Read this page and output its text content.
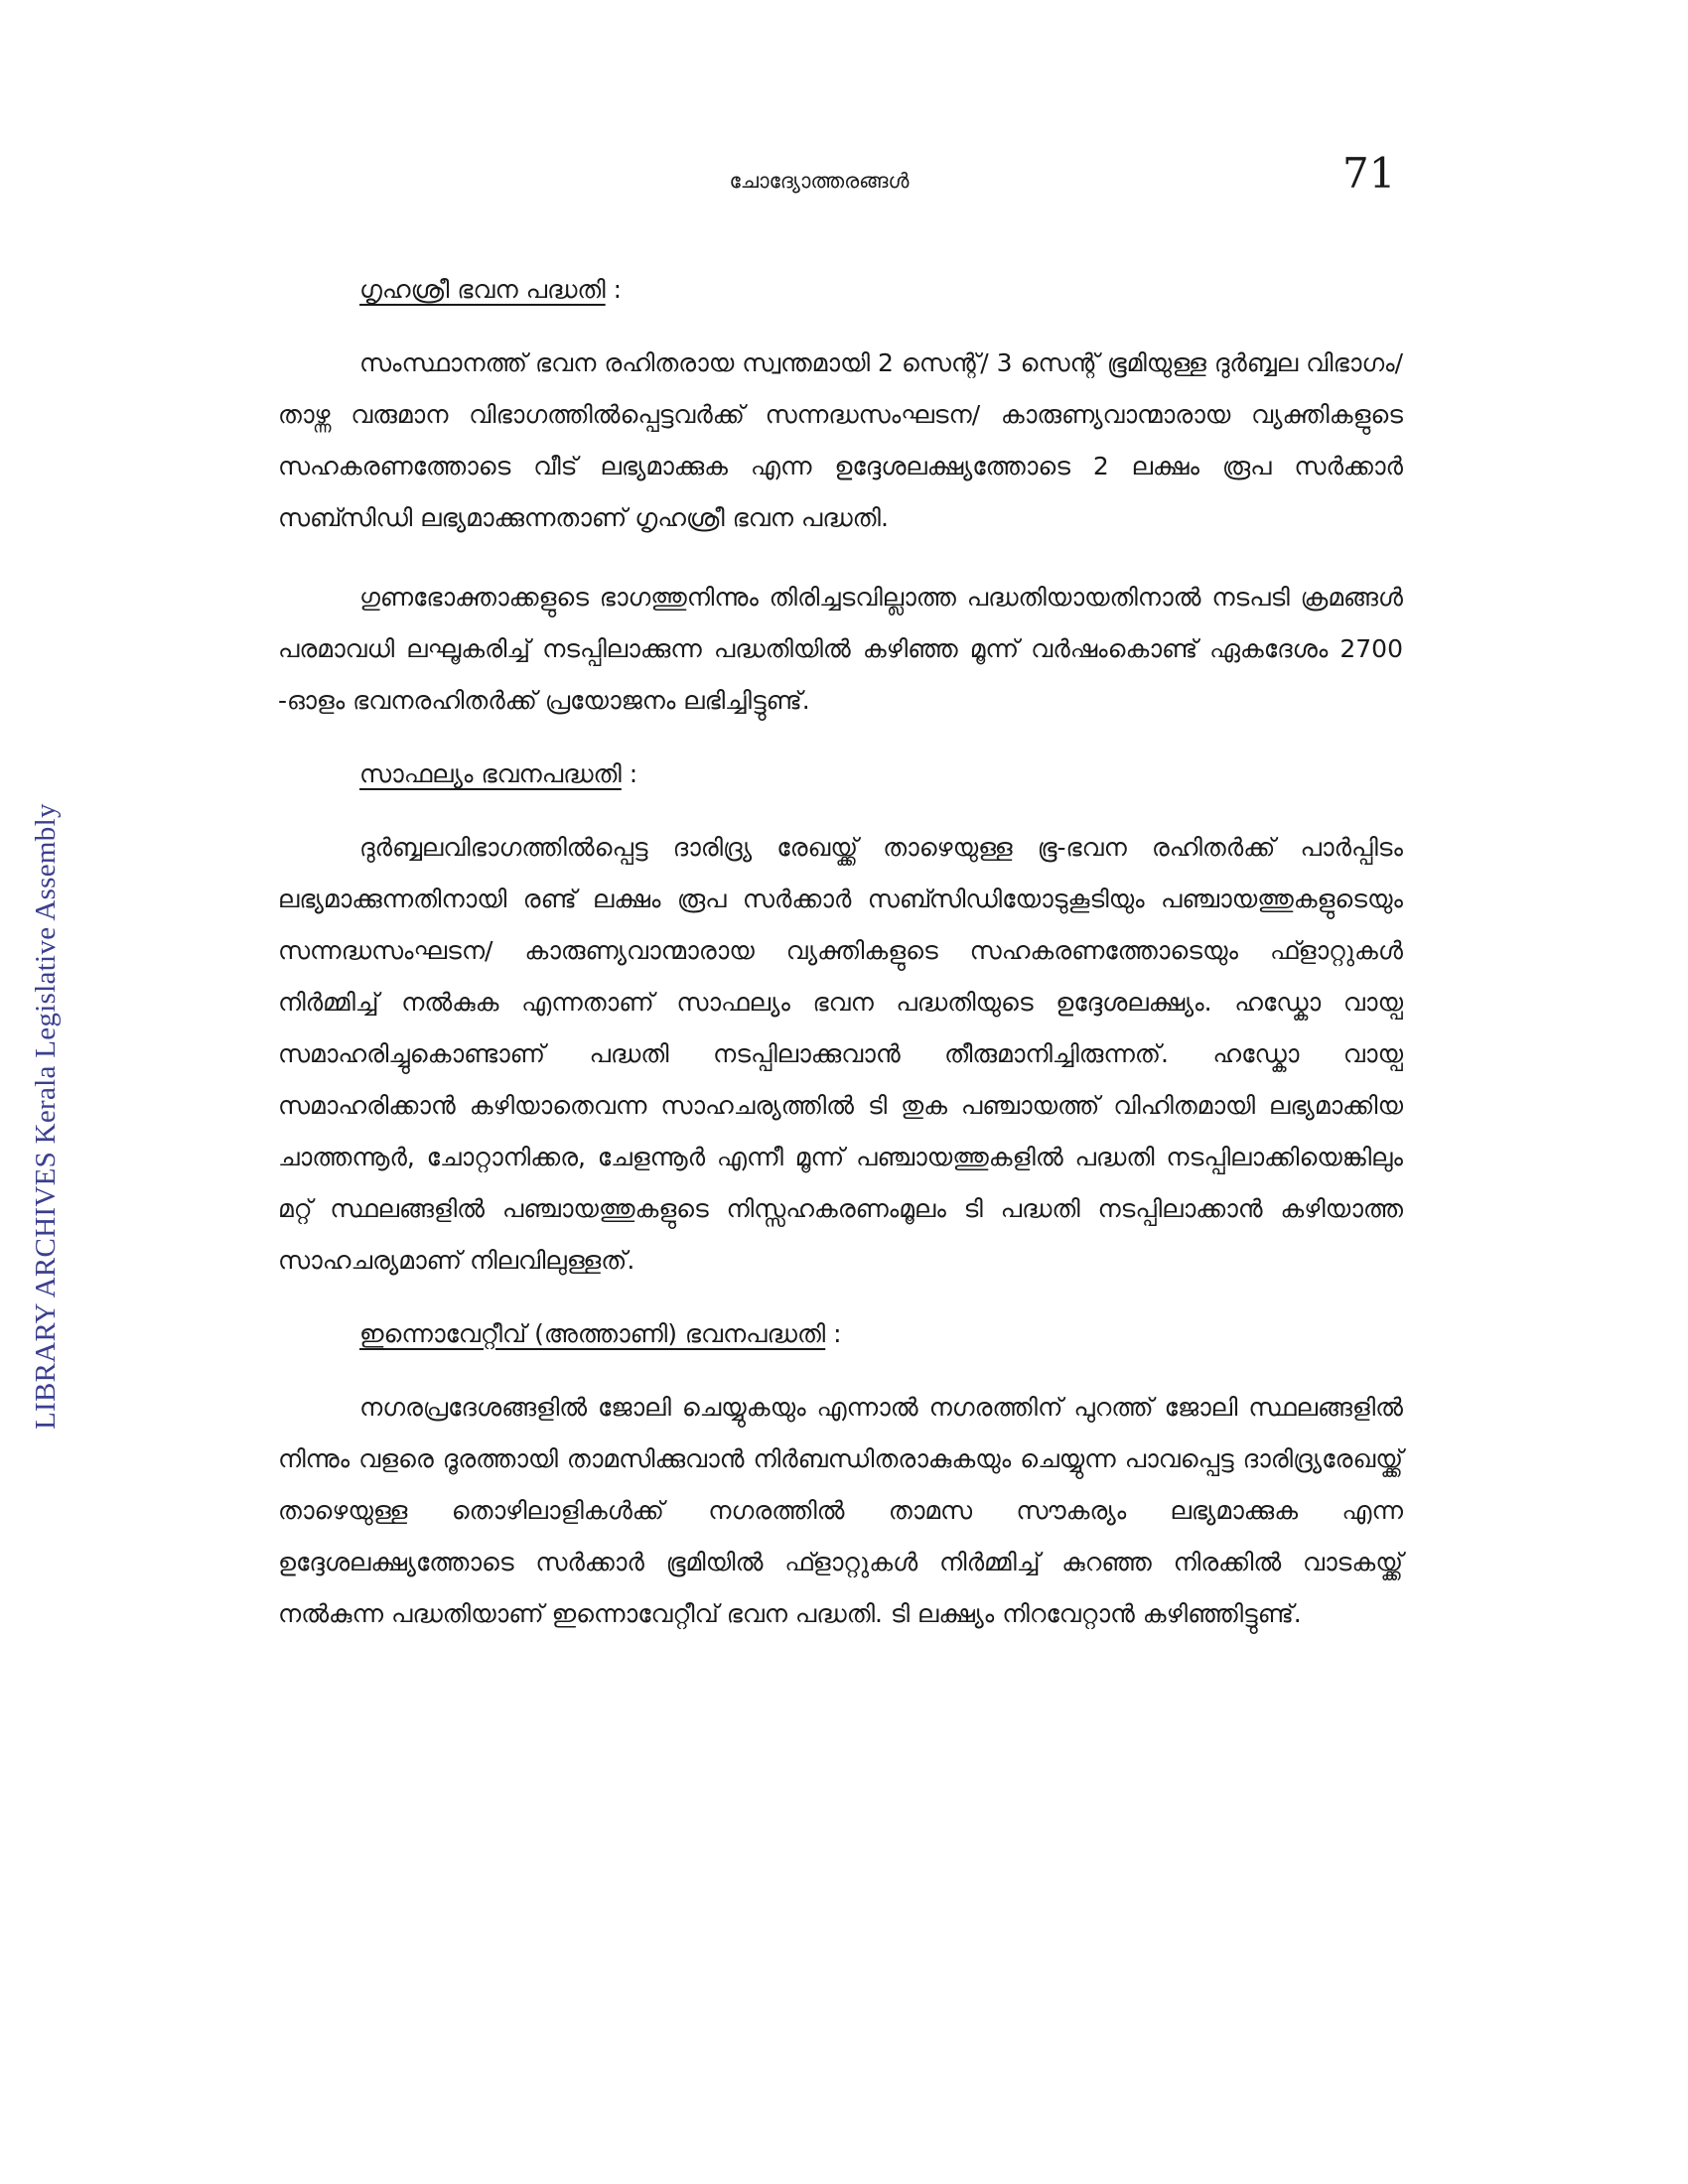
ചോദ്യോത്തരങ്ങൾ	71
LIBRARY ARCHIVES Kerala Legislative Assembly
ഗൃഹശ്രീ ഭവന പദ്ധതി :

സംസ്ഥാനത്ത് ഭവന രഹിതരായ സ്വന്തമായി 2 സെന്റ്/ 3 സെന്റ് ഭൂമിയുള്ള ദുർബ്ബല വിഭാഗം/താഴ്ന്ന വരുമാന വിഭാഗത്തിൽപ്പെട്ടവർക്ക് സന്നദ്ധസംഘടന/ കാരുണ്യവാന്മാരായ വ്യക്തികളുടെ സഹകരണത്തോടെ വീട് ലഭ്യമാക്കുക എന്ന ഉദ്ദേശലക്ഷ്യത്തോടെ 2 ലക്ഷം രൂപ സർക്കാർ സബ്സിഡി ലഭ്യമാക്കുന്നതാണ് ഗൃഹശ്രീ ഭവന പദ്ധതി.

ഗുണഭോക്താക്കളുടെ ഭാഗത്തുനിന്നും തിരിച്ചടവില്ലാത്ത പദ്ധതിയായതിനാൽ നടപടി ക്രമങ്ങൾ പരമാവധി ലഘൂകരിച്ച് നടപ്പിലാക്കുന്ന പദ്ധതിയിൽ കഴിഞ്ഞ മൂന്ന് വർഷംകൊണ്ട് ഏകദേശം 2700 -ഓളം ഭവനരഹിതർക്ക് പ്രയോജനം ലഭിച്ചിട്ടുണ്ട്.

സാഫല്യം ഭവനപദ്ധതി :

ദുർബ്ബലവിഭാഗത്തിൽപ്പെട്ട ദാരിദ്ര്യ രേഖയ്ക്ക് താഴെയുള്ള ഭൂ-ഭവന രഹിതർക്ക് പാർപ്പിടം ലഭ്യമാക്കുന്നതിനായി രണ്ട് ലക്ഷം രൂപ സർക്കാർ സബ്സിഡിയോടുകൂടിയും പഞ്ചായത്തുകളുടെയും സന്നദ്ധസംഘടന/ കാരുണ്യവാന്മാരായ വ്യക്തികളുടെ സഹകരണത്തോടെയും ഫ്ളാറ്റുകൾ നിർമ്മിച്ച് നൽകുക എന്നതാണ് സാഫല്യം ഭവന പദ്ധതിയുടെ ഉദ്ദേശലക്ഷ്യം. ഹഡ്കോ വായ്പ സമാഹരിച്ചുകൊണ്ടാണ് പദ്ധതി നടപ്പിലാക്കുവാൻ തീരുമാനിച്ചിരുന്നത്. ഹഡ്കോ വായ്പ സമാഹരിക്കാൻ കഴിയാതെവന്ന സാഹചര്യത്തിൽ ടി തുക പഞ്ചായത്ത് വിഹിതമായി ലഭ്യമാക്കിയ ചാത്തന്നൂർ, ചോറ്റാനിക്കര, ചേളന്നൂർ എന്നീ മൂന്ന് പഞ്ചായത്തുകളിൽ പദ്ധതി നടപ്പിലാക്കിയെങ്കിലും മറ്റ് സ്ഥലങ്ങളിൽ പഞ്ചായത്തുകളുടെ നിസ്സഹകരണംമൂലം ടി പദ്ധതി നടപ്പിലാക്കാൻ കഴിയാത്ത സാഹചര്യമാണ് നിലവിലുള്ളത്.

ഇന്നൊവേറ്റീവ് (അത്താണി) ഭവനപദ്ധതി :

നഗരപ്രദേശങ്ങളിൽ ജോലി ചെയ്യുകയും എന്നാൽ നഗരത്തിന് പുറത്ത് ജോലി സ്ഥലങ്ങളിൽ നിന്നും വളരെ ദൂരത്തായി താമസിക്കുവാൻ നിർബന്ധിതരാകുകയും ചെയ്യുന്ന പാവപ്പെട്ട ദാരിദ്ര്യരേഖയ്ക്ക് താഴെയുള്ള തൊഴിലാളികൾക്ക് നഗരത്തിൽ താമസ സൗകര്യം ലഭ്യമാക്കുക എന്ന ഉദ്ദേശലക്ഷ്യത്തോടെ സർക്കാർ ഭൂമിയിൽ ഫ്ളാറ്റുകൾ നിർമ്മിച്ച് കുറഞ്ഞ നിരക്കിൽ വാടകയ്ക്ക് നൽകുന്ന പദ്ധതിയാണ് ഇന്നൊവേറ്റീവ് ഭവന പദ്ധതി. ടി ലക്ഷ്യം നിറവേറ്റാൻ കഴിഞ്ഞിട്ടുണ്ട്.
